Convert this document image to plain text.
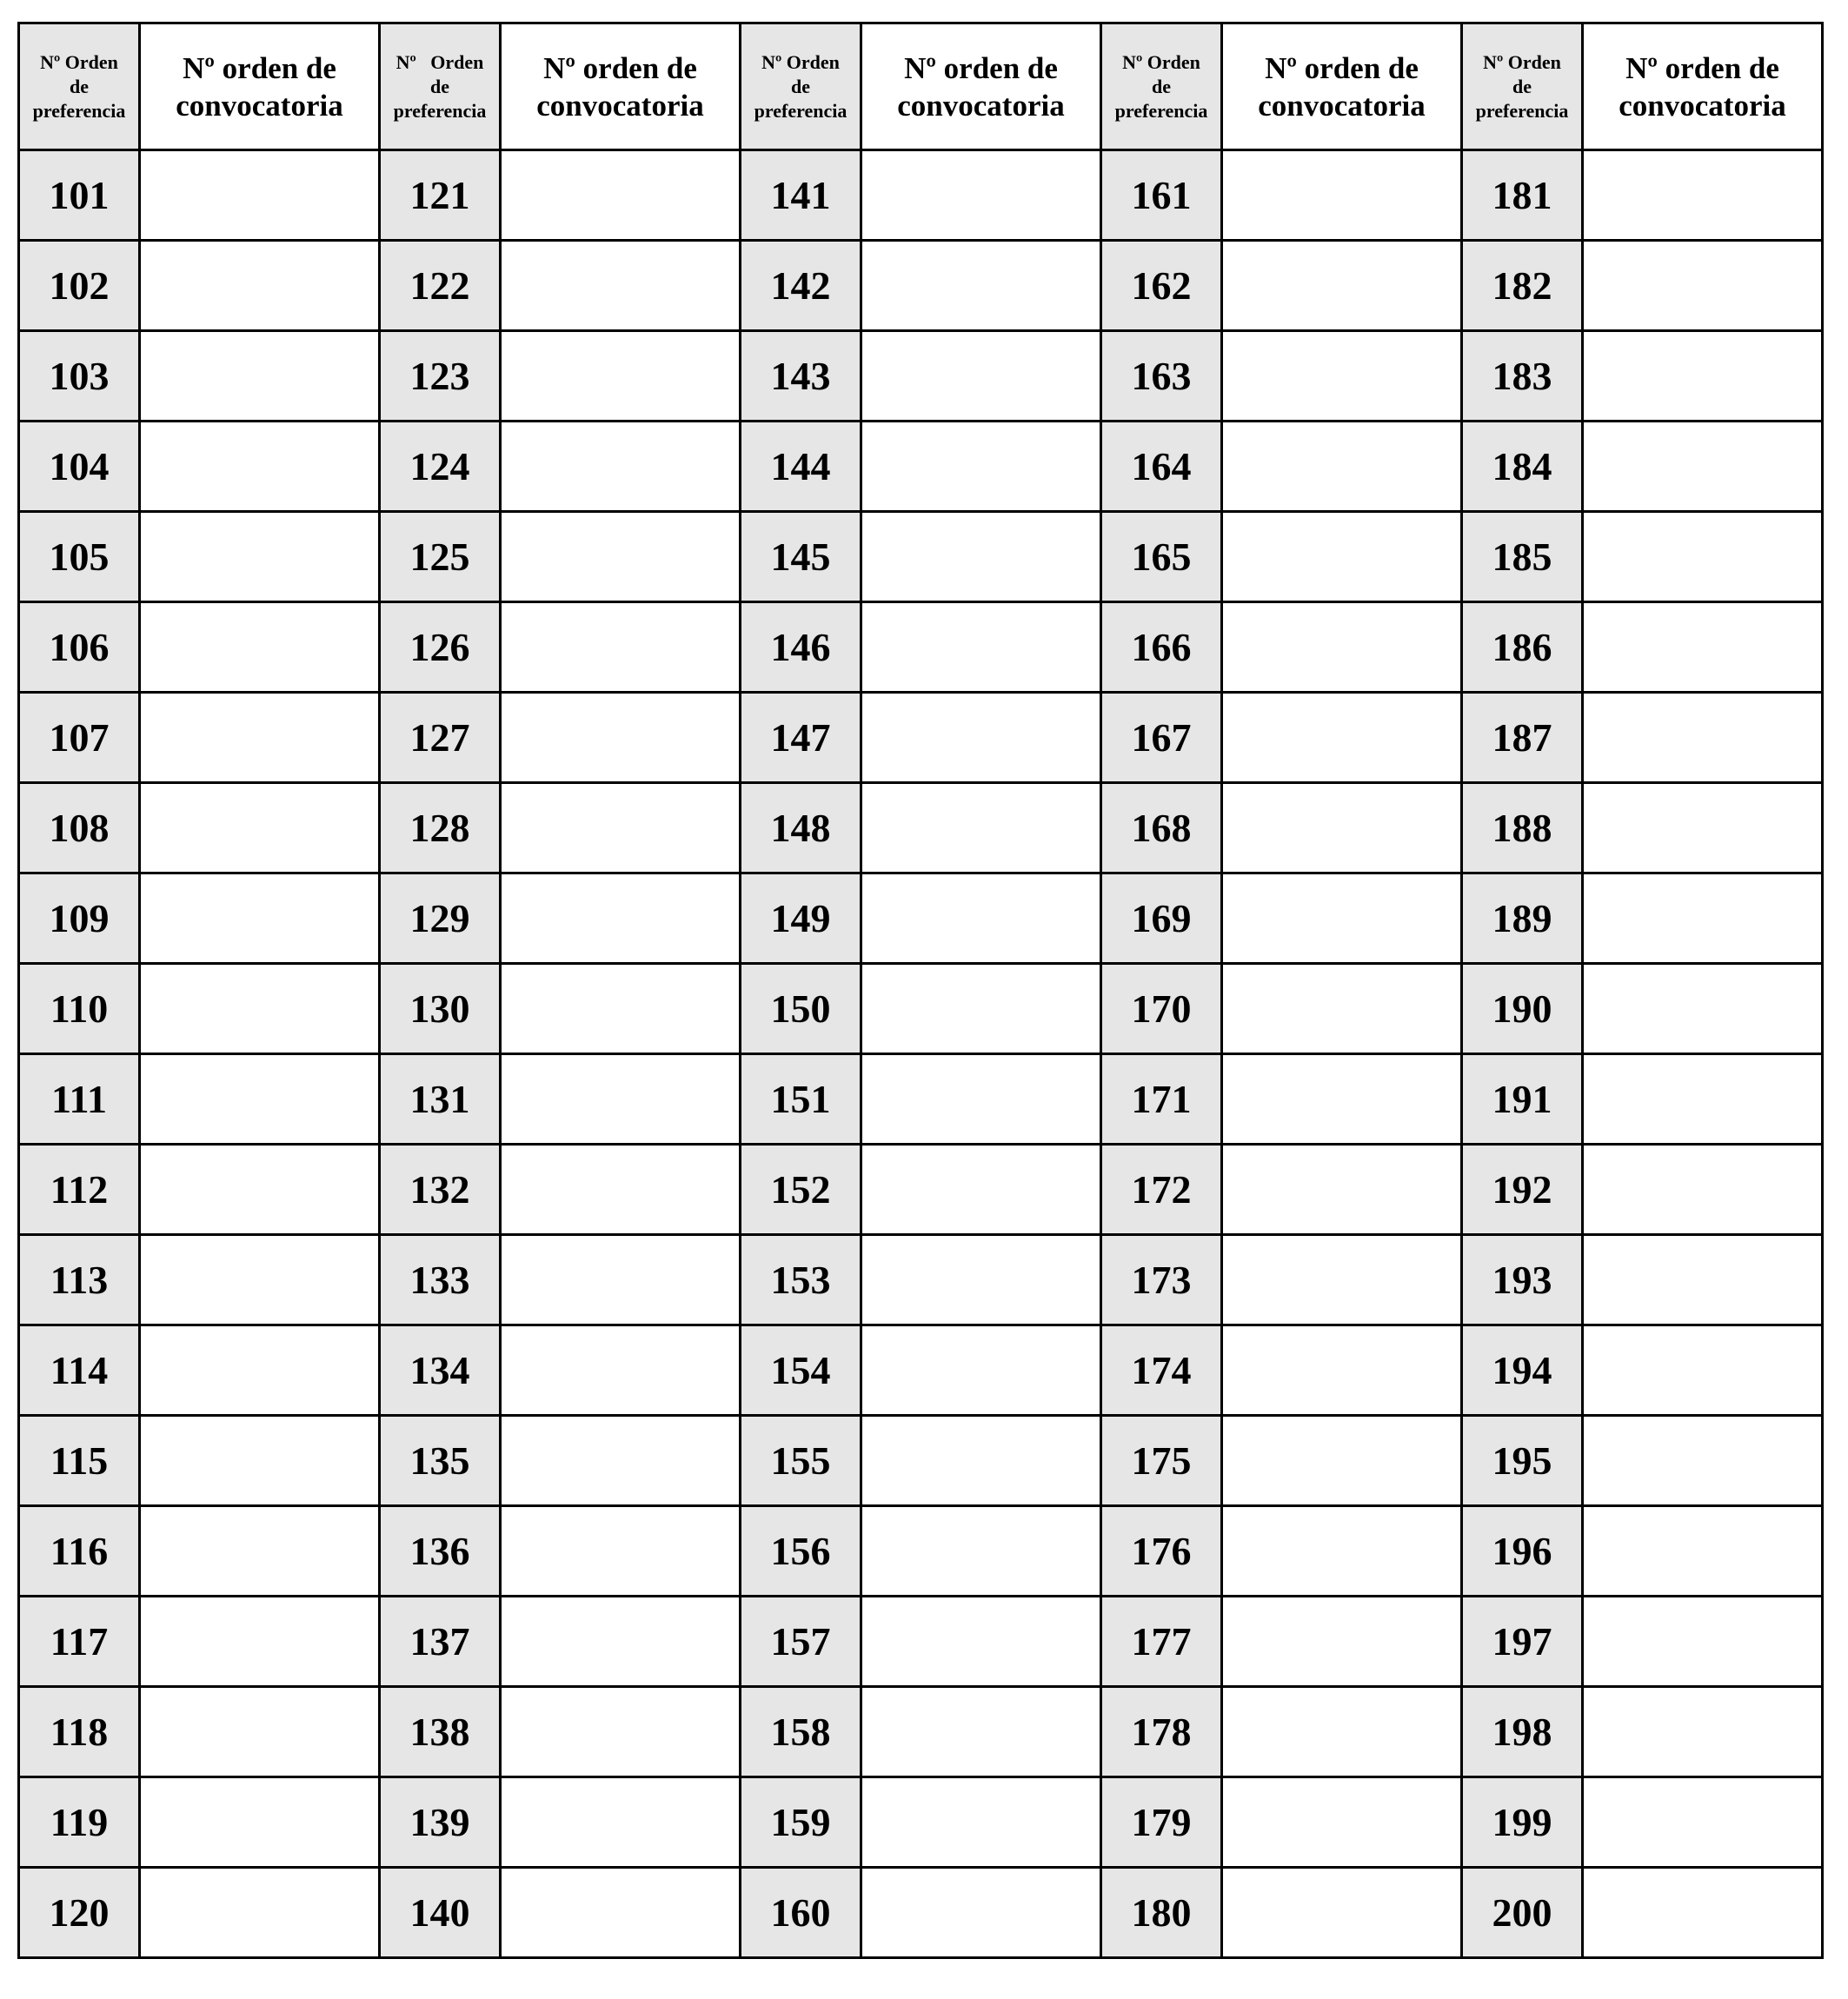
Nº Orden
de
preferencia	Nº orden de
convocatoria	Nº   Orden
de
preferencia	Nº orden de
convocatoria	Nº Orden
de
preferencia	Nº orden de
convocatoria	Nº Orden
de
preferencia	Nº orden de
convocatoria	Nº Orden
de
preferencia	Nº orden de
convocatoria

101		121		141		161		181	
102		122		142		162		182	
103		123		143		163		183	
104		124		144		164		184	
105		125		145		165		185	
106		126		146		166		186	
107		127		147		167		187	
108		128		148		168		188	
109		129		149		169		189	
110		130		150		170		190	
111		131		151		171		191	
112		132		152		172		192	
113		133		153		173		193	
114		134		154		174		194	
115		135		155		175		195	
116		136		156		176		196	
117		137		157		177		197	
118		138		158		178		198	
119		139		159		179		199	
120		140		160		180		200	
